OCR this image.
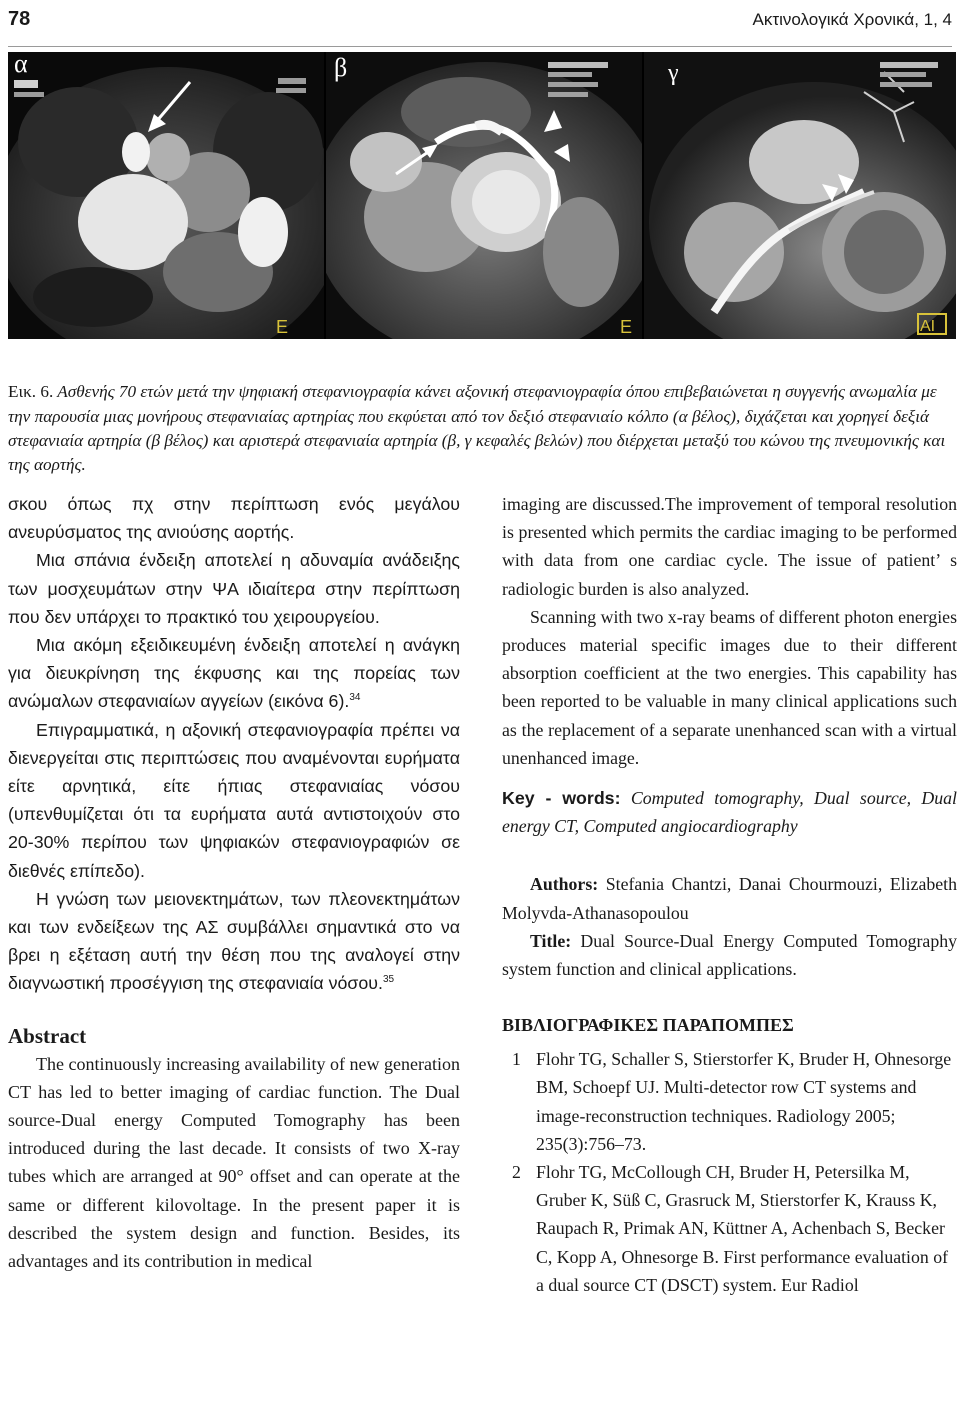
78	Ακτινολογικά Χρονικά, 1, 4
α
E
β
E
γ
AI

Εικ. 6. Ασθενής 70 ετών μετά την ψηφιακή στεφανιογραφία κάνει αξονική στεφανιογραφία όπου επιβεβαιώνεται η συγγενής ανωμαλία με την παρουσία μιας μονήρους στεφανιαίας αρτηρίας που εκφύεται από τον δεξιό στεφανιαίο κόλπο (α βέλος), διχάζεται και χορηγεί δεξιά στεφανιαία αρτηρία (β βέλος) και αριστερά στεφανιαία αρτηρία (β, γ κεφαλές βελών) που διέρχεται μεταξύ του κώνου της πνευμονικής και της αορτής.

σκου όπως πχ στην περίπτωση ενός μεγάλου ανευρύσματος της ανιούσης αορτής.

Μια σπάνια ένδειξη αποτελεί η αδυναμία ανάδειξης των μοσχευμάτων στην ΨΑ ιδιαίτερα στην περίπτωση που δεν υπάρχει το πρακτικό του χειρουργείου.

Μια ακόμη εξειδικευμένη ένδειξη αποτελεί η ανάγκη για διευκρίνηση της έκφυσης και της πορείας των ανώμαλων στεφανιαίων αγγείων (εικόνα 6).$^{34}$

Επιγραμματικά, η αξονική στεφανιογραφία πρέπει να διενεργείται στις περιπτώσεις που αναμένονται ευρήματα είτε αρνητικά, είτε ήπιας στεφανιαίας νόσου (υπενθυμίζεται ότι τα ευρήματα αυτά αντιστοιχούν στο 20-30% περίπου των ψηφιακών στεφανιογραφιών σε διεθνές επίπεδο).

Η γνώση των μειονεκτημάτων, των πλεονεκτημάτων και των ενδείξεων της ΑΣ συμβάλλει σημαντικά στο να βρει η εξέταση αυτή την θέση που της αναλογεί στην διαγνωστική προσέγγιση της στεφανιαία νόσου.$^{35}$

Abstract

The continuously increasing availability of new generation CT has led to better imaging of cardiac function. The Dual source-Dual energy Computed Tomography has been introduced during the last decade. It consists of two X-ray tubes which are arranged at 90° offset and can operate at the same or different kilovoltage. In the present paper it is described the system design and function. Besides, its advantages and its contribution in medical

imaging are discussed.The improvement of temporal resolution is presented which permits the cardiac imaging to be performed with data from one cardiac cycle. The issue of patient’ s radiologic burden is also analyzed.

Scanning with two x-ray beams of different photon energies produces material specific images due to their different absorption coefficient at the two energies. This capability has been reported to be valuable in many clinical applications such as the replacement of a separate unenhanced scan with a virtual unenhanced image.

Key - words: Computed tomography, Dual source, Dual energy CT, Computed angiocardiography

Authors: Stefania Chantzi, Danai Chourmouzi, Elizabeth Molyvda-Athanasopoulou

Title: Dual Source-Dual Energy Computed Tomography system function and clinical applications.

ΒΙΒΛΙΟΓΡΑΦΙΚΕΣ ΠΑΡΑΠΟΜΠΕΣ

1 Flohr TG, Schaller S, Stierstorfer K, Bruder H, Ohnesorge BM, Schoepf UJ. Multi-detector row CT systems and image-reconstruction techniques. Radiology 2005; 235(3):756–73.

2 Flohr TG, McCollough CH, Bruder H, Petersilka M, Gruber K, Süß C, Grasruck M, Stierstorfer K, Krauss K, Raupach R, Primak AN, Küttner A, Achenbach S, Becker C, Kopp A, Ohnesorge B. First performance evaluation of a dual source CT (DSCT) system. Eur Radiol
